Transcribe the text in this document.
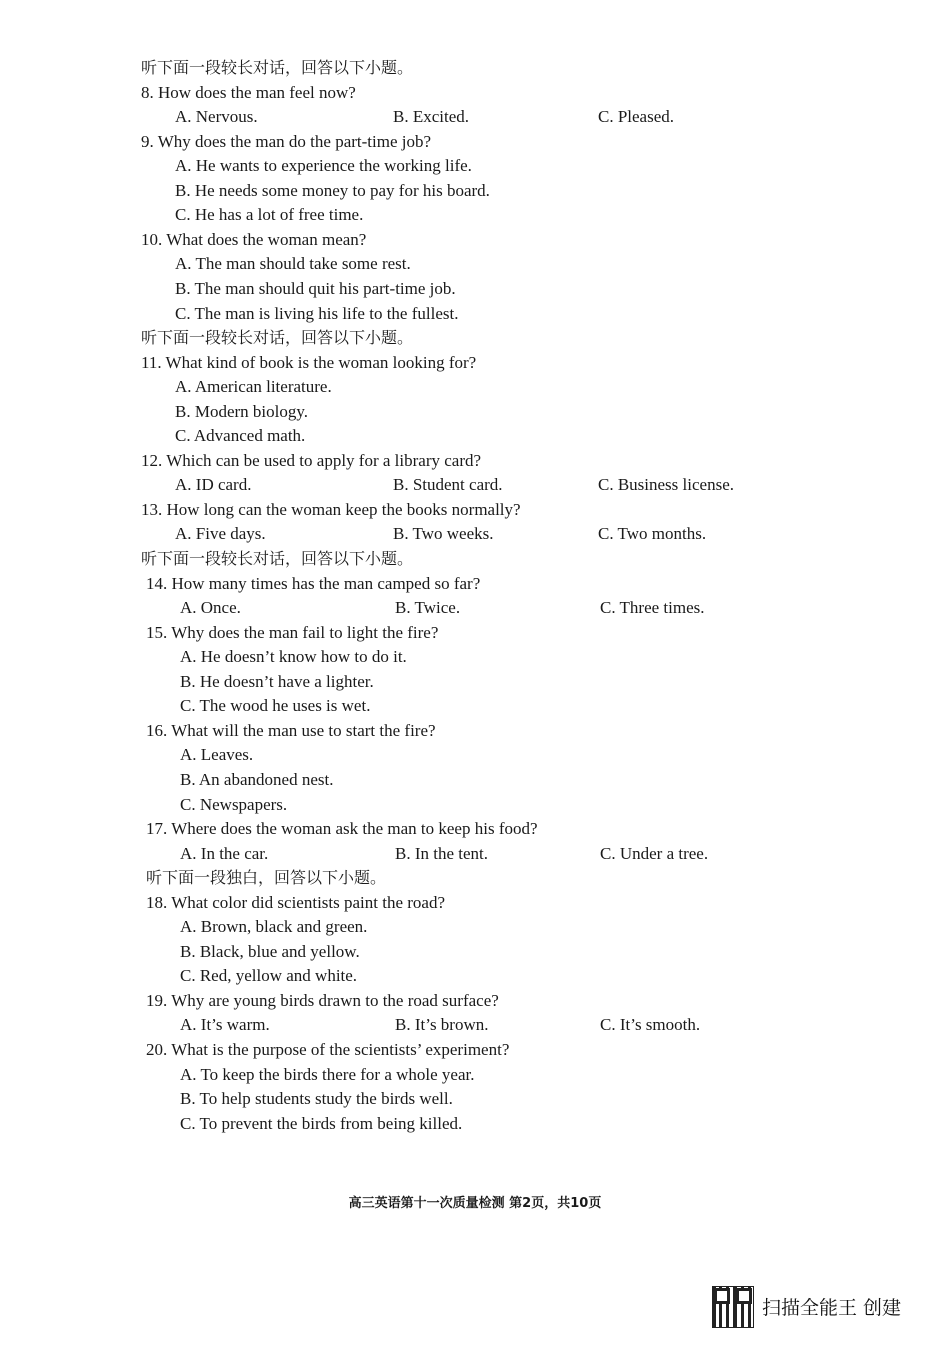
听下面一段较长对话，回答以下小题。
8. How does the man feel now?
A. Nervous.	B. Excited.	C. Pleased.
9. Why does the man do the part-time job?
A. He wants to experience the working life.
B. He needs some money to pay for his board.
C. He has a lot of free time.
10. What does the woman mean?
A. The man should take some rest.
B. The man should quit his part-time job.
C. The man is living his life to the fullest.
听下面一段较长对话，回答以下小题。
11. What kind of book is the woman looking for?
A. American literature.
B. Modern biology.
C. Advanced math.
12. Which can be used to apply for a library card?
A. ID card.	B. Student card.	C. Business license.
13. How long can the woman keep the books normally?
A. Five days.	B. Two weeks.	C. Two months.
听下面一段较长对话，回答以下小题。
14. How many times has the man camped so far?
A. Once.	B. Twice.	C. Three times.
15. Why does the man fail to light the fire?
A. He doesn’t know how to do it.
B. He doesn’t have a lighter.
C. The wood he uses is wet.
16. What will the man use to start the fire?
A. Leaves.
B. An abandoned nest.
C. Newspapers.
17. Where does the woman ask the man to keep his food?
A. In the car.	B. In the tent.	C. Under a tree.
听下面一段独白，回答以下小题。
18. What color did scientists paint the road?
A. Brown, black and green.
B. Black, blue and yellow.
C. Red, yellow and white.
19. Why are young birds drawn to the road surface?
A. It’s warm.	B. It’s brown.	C. It’s smooth.
20. What is the purpose of the scientists’ experiment?
A. To keep the birds there for a whole year.
B. To help students study the birds well.
C. To prevent the birds from being killed.
高三英语第十一次质量检测 第2页，共10页
扫描全能王 创建
